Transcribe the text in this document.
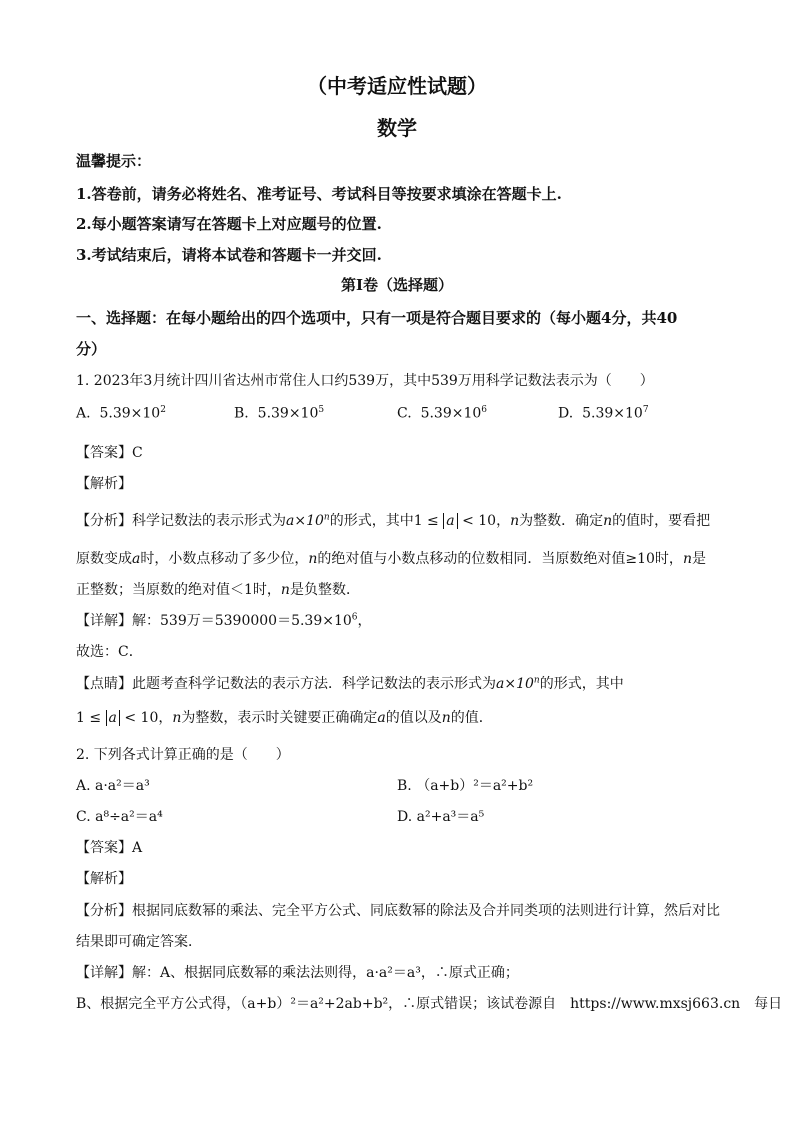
（中考适应性试题）
数学
温馨提示：
1.答卷前，请务必将姓名、准考证号、考试科目等按要求填涂在答题卡上.
2.每小题答案请写在答题卡上对应题号的位置.
3.考试结束后，请将本试卷和答题卡一并交回.
第Ⅰ卷（选择题）
一、选择题：在每小题给出的四个选项中，只有一项是符合题目要求的（每小题4分，共40
分）
1. 2023年3月统计四川省达州市常住人口约539万，其中539万用科学记数法表示为（　　）
A. $5.39\times 10^2$	B. $5.39\times 10^5$	C. $5.39\times 10^6$	D. $5.39\times 10^7$
【答案】C
【解析】
【分析】科学记数法的表示形式为$a\times 10^n$的形式，其中1 ≤ a < 10，n为整数．确定n的值时，要看把
原数变成a时，小数点移动了多少位，n的绝对值与小数点移动的位数相同．当原数绝对值≥10时，n是
正整数；当原数的绝对值＜1时，n是负整数．
【详解】解：539万$=5390000=5.39\times 10^6$，
故选：C．
【点睛】此题考查科学记数法的表示方法．科学记数法的表示形式为$a\times 10^n$的形式，其中
1 ≤ a < 10，n为整数，表示时关键要正确确定a的值以及n的值．
2. 下列各式计算正确的是（　　）
A. a·a²＝a³	B. （a+b）²＝a²+b²
C. a⁸÷a²＝a⁴	D. a²+a³＝a⁵
【答案】A
【解析】
【分析】根据同底数幂的乘法、完全平方公式、同底数幂的除法及合并同类项的法则进行计算，然后对比
结果即可确定答案．
【详解】解：A、根据同底数幂的乘法法则得，a·a²＝a³，∴原式正确；
B、根据完全平方公式得，（a+b）²＝a²+2ab+b²，∴原式错误；该试卷源自　https://www.mxsj663.cn　每日
